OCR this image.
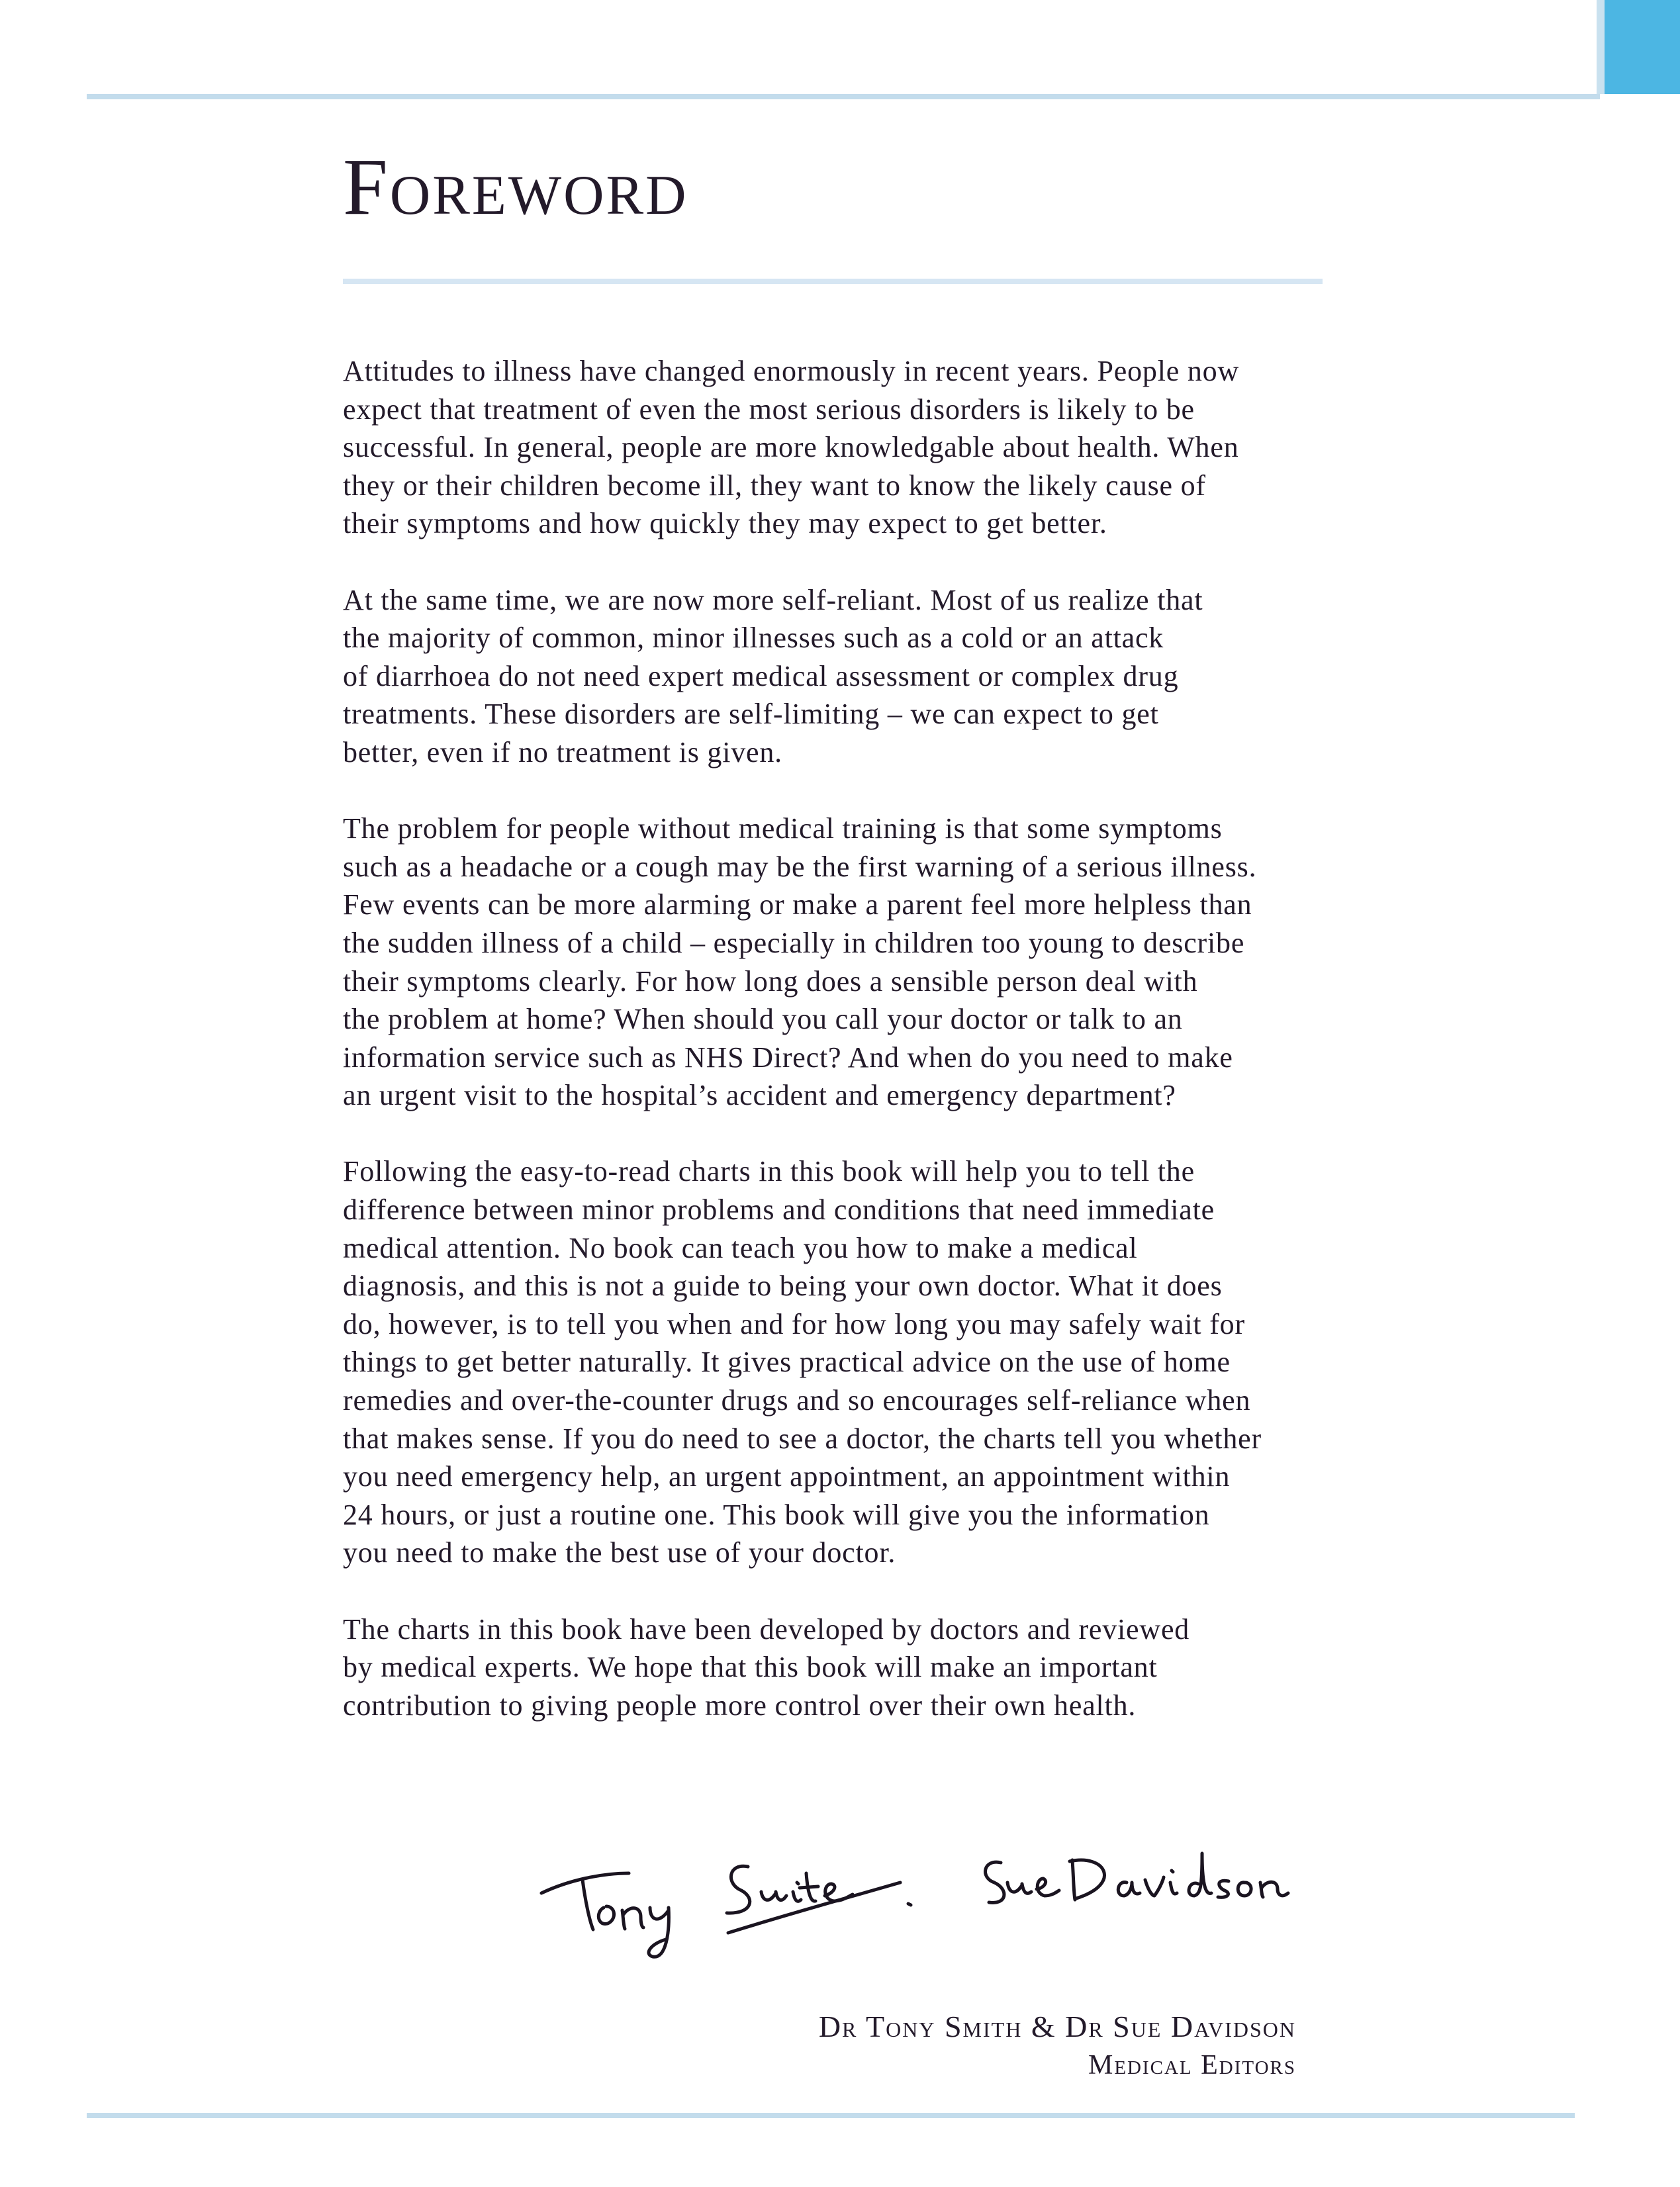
Foreword

Attitudes to illness have changed enormously in recent years. People now
expect that treatment of even the most serious disorders is likely to be
successful. In general, people are more knowledgable about health. When
they or their children become ill, they want to know the likely cause of
their symptoms and how quickly they may expect to get better.

At the same time, we are now more self-reliant. Most of us realize that
the majority of common, minor illnesses such as a cold or an attack
of diarrhoea do not need expert medical assessment or complex drug
treatments. These disorders are self-limiting – we can expect to get
better, even if no treatment is given.

The problem for people without medical training is that some symptoms
such as a headache or a cough may be the first warning of a serious illness.
Few events can be more alarming or make a parent feel more helpless than
the sudden illness of a child – especially in children too young to describe
their symptoms clearly. For how long does a sensible person deal with
the problem at home? When should you call your doctor or talk to an
information service such as NHS Direct? And when do you need to make
an urgent visit to the hospital’s accident and emergency department?

Following the easy-to-read charts in this book will help you to tell the
difference between minor problems and conditions that need immediate
medical attention. No book can teach you how to make a medical
diagnosis, and this is not a guide to being your own doctor. What it does
do, however, is to tell you when and for how long you may safely wait for
things to get better naturally. It gives practical advice on the use of home
remedies and over-the-counter drugs and so encourages self-reliance when
that makes sense. If you do need to see a doctor, the charts tell you whether
you need emergency help, an urgent appointment, an appointment within
24 hours, or just a routine one. This book will give you the information
you need to make the best use of your doctor.

The charts in this book have been developed by doctors and reviewed
by medical experts. We hope that this book will make an important
contribution to giving people more control over their own health.

Dr Tony Smith & Dr Sue Davidson
Medical Editors
